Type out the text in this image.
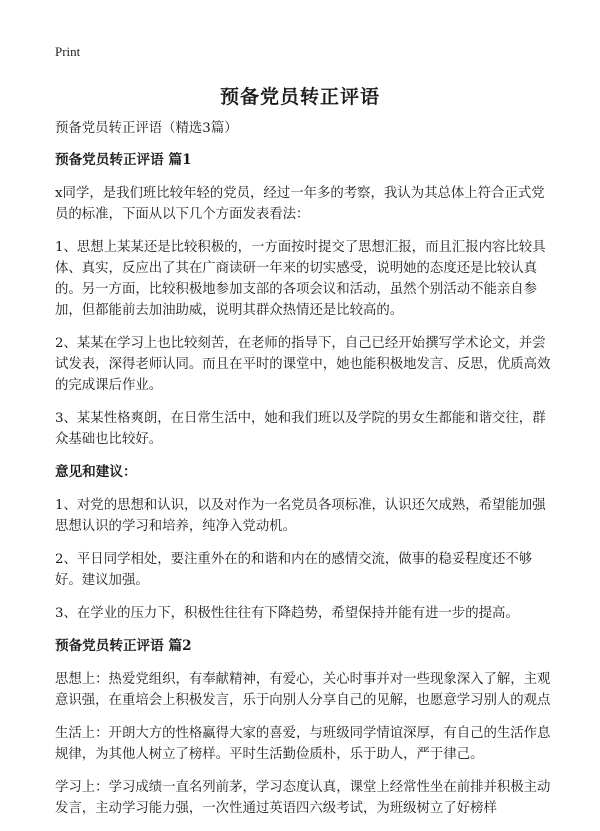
Print
预备党员转正评语

预备党员转正评语（精选3篇）

预备党员转正评语 篇1

x同学，是我们班比较年轻的党员，经过一年多的考察，我认为其总体上符合正式党员的标准，下面从以下几个方面发表看法：

1、思想上某某还是比较积极的，一方面按时提交了思想汇报，而且汇报内容比较具体、真实，反应出了其在广商读研一年来的切实感受，说明她的态度还是比较认真的。另一方面，比较积极地参加支部的各项会议和活动，虽然个别活动不能亲自参加，但都能前去加油助威，说明其群众热情还是比较高的。

2、某某在学习上也比较刻苦，在老师的指导下，自己已经开始撰写学术论文，并尝试发表，深得老师认同。而且在平时的课堂中，她也能积极地发言、反思，优质高效的完成课后作业。

3、某某性格爽朗，在日常生活中，她和我们班以及学院的男女生都能和谐交往，群众基础也比较好。

意见和建议：

1、对党的思想和认识，以及对作为一名党员各项标准，认识还欠成熟，希望能加强思想认识的学习和培养，纯净入党动机。

2、平日同学相处，要注重外在的和谐和内在的感情交流，做事的稳妥程度还不够好。建议加强。

3、在学业的压力下，积极性往往有下降趋势，希望保持并能有进一步的提高。

预备党员转正评语 篇2

思想上：热爱党组织，有奉献精神，有爱心，关心时事并对一些现象深入了解，主观意识强，在重培会上积极发言，乐于向别人分享自己的见解，也愿意学习别人的观点

生活上：开朗大方的性格赢得大家的喜爱，与班级同学情谊深厚，有自己的生活作息规律，为其他人树立了榜样。平时生活勤俭质朴，乐于助人，严于律己。

学习上：学习成绩一直名列前茅，学习态度认真，课堂上经常性坐在前排并积极主动发言，主动学习能力强，一次性通过英语四六级考试，为班级树立了好榜样
